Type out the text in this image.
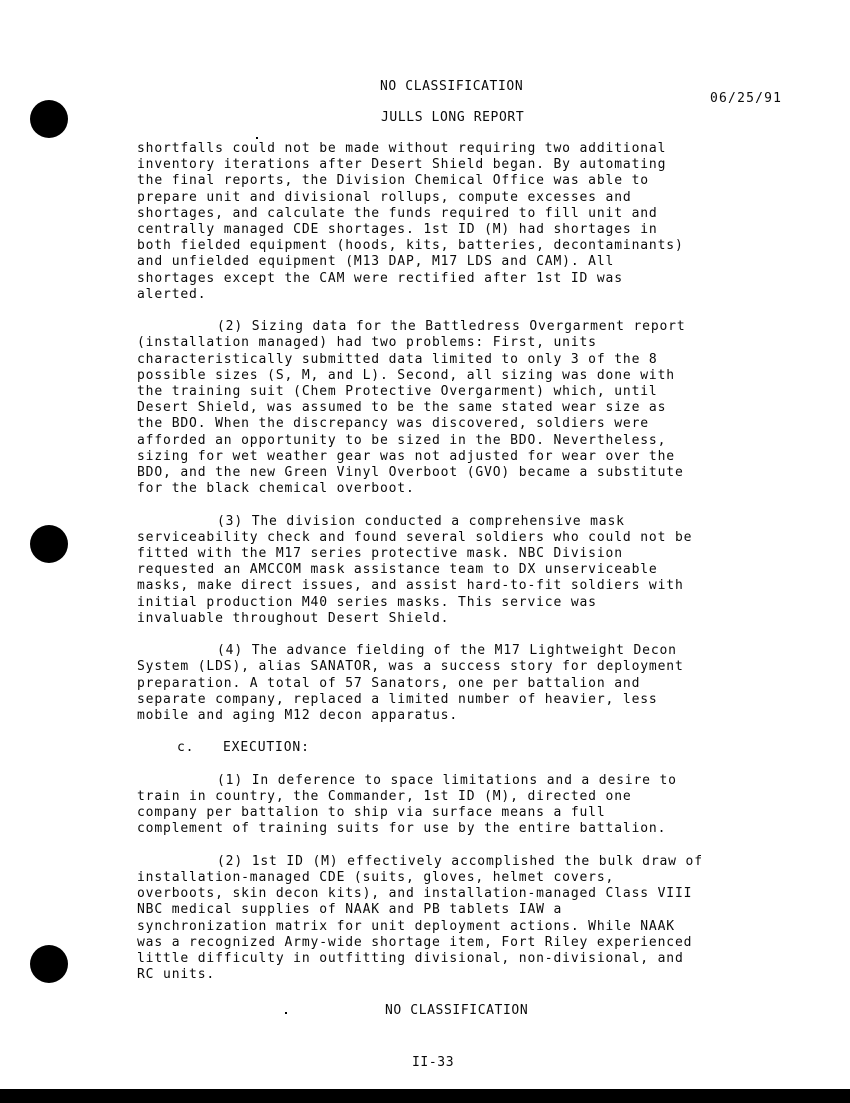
NO CLASSIFICATION
06/25/91
JULLS LONG REPORT

shortfalls could not be made without requiring two additional
inventory iterations after Desert Shield began. By automating
the final reports, the Division Chemical Office was able to
prepare unit and divisional rollups, compute excesses and
shortages, and calculate the funds required to fill unit and
centrally managed CDE shortages. 1st ID (M) had shortages in
both fielded equipment (hoods, kits, batteries, decontaminants)
and unfielded equipment (M13 DAP, M17 LDS and CAM). All
shortages except the CAM were rectified after 1st ID was
alerted.

(2) Sizing data for the Battledress Overgarment report
(installation managed) had two problems: First, units
characteristically submitted data limited to only 3 of the 8
possible sizes (S, M, and L). Second, all sizing was done with
the training suit (Chem Protective Overgarment) which, until
Desert Shield, was assumed to be the same stated wear size as
the BDO. When the discrepancy was discovered, soldiers were
afforded an opportunity to be sized in the BDO. Nevertheless,
sizing for wet weather gear was not adjusted for wear over the
BDO, and the new Green Vinyl Overboot (GVO) became a substitute
for the black chemical overboot.

(3) The division conducted a comprehensive mask
serviceability check and found several soldiers who could not be
fitted with the M17 series protective mask. NBC Division
requested an AMCCOM mask assistance team to DX unserviceable
masks, make direct issues, and assist hard-to-fit soldiers with
initial production M40 series masks. This service was
invaluable throughout Desert Shield.

(4) The advance fielding of the M17 Lightweight Decon
System (LDS), alias SANATOR, was a success story for deployment
preparation. A total of 57 Sanators, one per battalion and
separate company, replaced a limited number of heavier, less
mobile and aging M12 decon apparatus.

c. EXECUTION:

(1) In deference to space limitations and a desire to
train in country, the Commander, 1st ID (M), directed one
company per battalion to ship via surface means a full
complement of training suits for use by the entire battalion.

(2) 1st ID (M) effectively accomplished the bulk draw of
installation-managed CDE (suits, gloves, helmet covers,
overboots, skin decon kits), and installation-managed Class VIII
NBC medical supplies of NAAK and PB tablets IAW a
synchronization matrix for unit deployment actions. While NAAK
was a recognized Army-wide shortage item, Fort Riley experienced
little difficulty in outfitting divisional, non-divisional, and
RC units.

NO CLASSIFICATION
II-33
